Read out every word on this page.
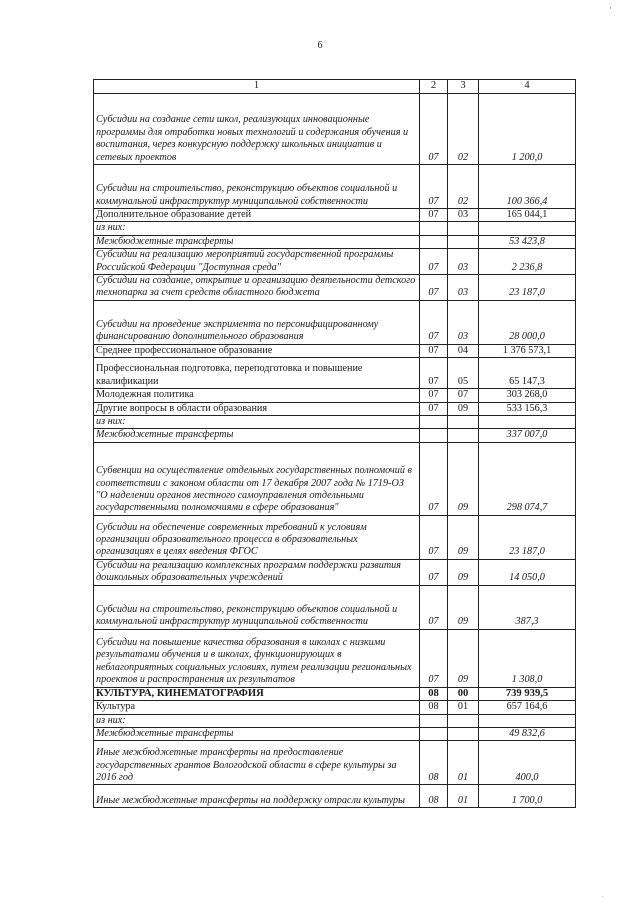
·
6
1	2	3	4
Субсидии на создание сети школ, реализующих инновационные программы для отработки новых технологий и содержания обучения и воспитания, через конкурсную поддержку школьных инициатив и сетевых проектов	07	02	1 200,0
Субсидии на строительство, реконструкцию объектов социальной и коммунальной инфраструктур муниципальной собственности	07	02	100 366,4
Дополнительное образование детей	07	03	165 044,1
из них:			
Межбюджетные трансферты			53 423,8
Субсидии на реализацию мероприятий государственной программы Российской Федерации "Доступная среда"	07	03	2 236,8
Субсидии на создание, открытие и организацию деятельности детского технопарка за счет средств областного бюджета	07	03	23 187,0
Субсидии на проведение экспримента по персонифицированному финансированию дополнительного образования	07	03	28 000,0
Среднее профессиональное образование	07	04	1 376 573,1
Профессиональная подготовка, переподготовка и повышение квалификации	07	05	65 147,3
Молодежная политика	07	07	303 268,0
Другие вопросы в области образования	07	09	533 156,3
из них:			
Межбюджетные трансферты			337 007,0
Субвенции на осуществление отдельных государственных полномочий в соответствии с законом области от 17 декабря 2007 года № 1719-ОЗ "О наделении органов местного самоуправления отдельными государственными полномочиями в сфере образования"	07	09	298 074,7
Субсидии на обеспечение современных требований к условиям организации образовательного процесса в образовательных организациях в целях введения ФГОС	07	09	23 187,0
Субсидии на реализацию комплексных программ поддержки развития дошкольных образовательных учреждений	07	09	14 050,0
Субсидии на строительство, реконструкцию объектов социальной и коммунальной инфраструктур муниципальной собственности	07	09	387,3
Субсидии на повышение качества образования в школах с низкими результатами обучения и в школах, функционирующих в неблагоприятных социальных условиях, путем реализации региональных проектов и распространения их результатов	07	09	1 308,0
КУЛЬТУРА, КИНЕМАТОГРАФИЯ	08	00	739 939,5
Культура	08	01	657 164,6
из них:			
Межбюджетные трансферты			49 832,6
Иные межбюджетные трансферты на предоставление государственных грантов Вологодской области в сфере культуры за 2016 год	08	01	400,0
Иные межбюджетные трансферты на поддержку отрасли культуры	08	01	1 700,0
·
